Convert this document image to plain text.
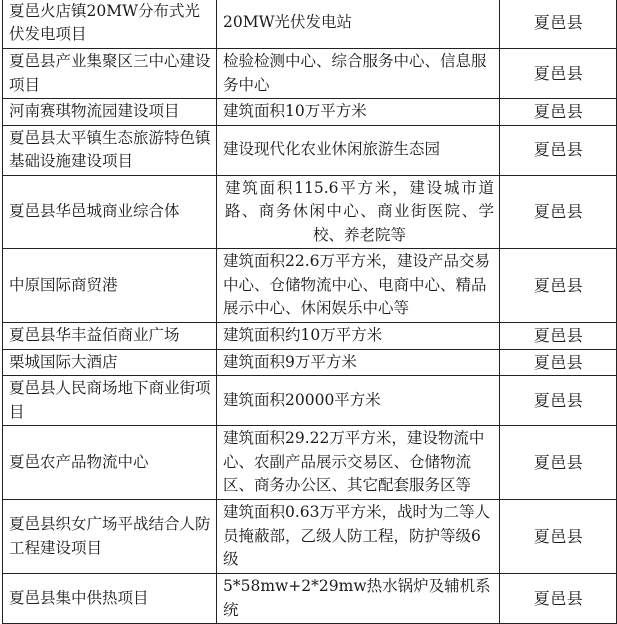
夏邑火店镇20MW分布式光伏发电项目	20MW光伏发电站	夏邑县
夏邑县产业集聚区三中心建设项目	检验检测中心、综合服务中心、信息服务中心	夏邑县
河南赛琪物流园建设项目	建筑面积10万平方米	夏邑县
夏邑县太平镇生态旅游特色镇基础设施建设项目	建设现代化农业休闲旅游生态园	夏邑县
夏邑县华邑城商业综合体	建筑面积115.6平方米，建设城市道路、商务休闲中心、商业街医院、学校、养老院等	夏邑县
中原国际商贸港	建筑面积22.6万平方米，建设产品交易中心、仓储物流中心、电商中心、精品展示中心、休闲娱乐中心等	夏邑县
夏邑县华丰益佰商业广场	建筑面积约10万平方米	夏邑县
栗城国际大酒店	建筑面积9万平方米	夏邑县
夏邑县人民商场地下商业街项目	建筑面积20000平方米	夏邑县
夏邑农产品物流中心	建筑面积29.22万平方米，建设物流中心、农副产品展示交易区、仓储物流区、商务办公区、其它配套服务区等	夏邑县
夏邑县织女广场平战结合人防工程建设项目	建筑面积0.63万平方米，战时为二等人员掩蔽部，乙级人防工程，防护等级6级	夏邑县
夏邑县集中供热项目	5*58mw+2*29mw热水锅炉及辅机系统	夏邑县
